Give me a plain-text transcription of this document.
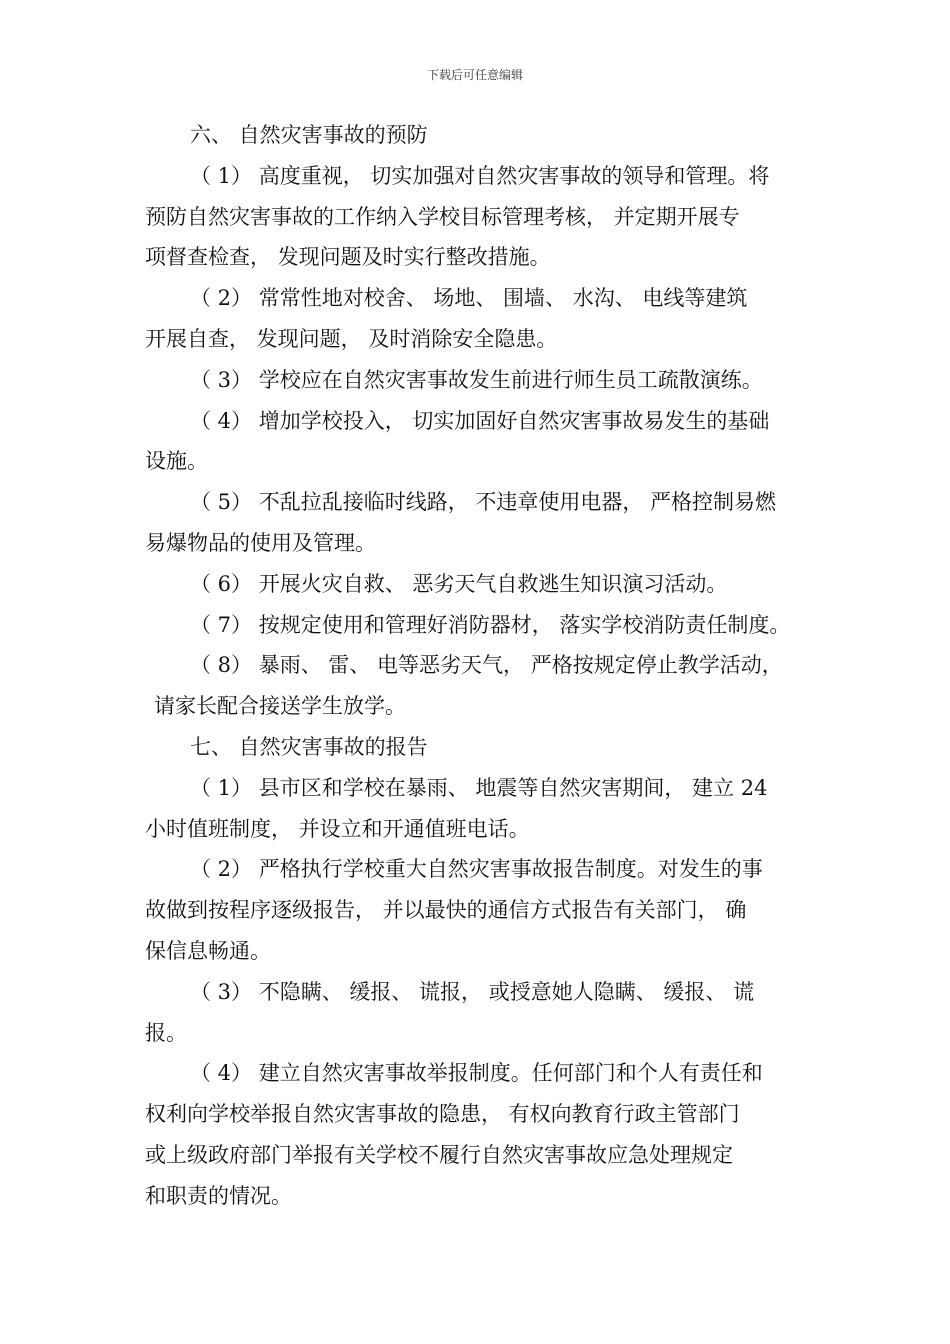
下载后可任意编辑

六、 自然灾害事故的预防

（ 1） 高度重视， 切实加强对自然灾害事故的领导和管理。将

预防自然灾害事故的工作纳入学校目标管理考核， 并定期开展专

项督查检查， 发现问题及时实行整改措施。

（ 2） 常常性地对校舍、 场地、 围墙、 水沟、 电线等建筑

开展自查， 发现问题， 及时消除安全隐患。

（ 3） 学校应在自然灾害事故发生前进行师生员工疏散演练。

（ 4） 增加学校投入， 切实加固好自然灾害事故易发生的基础

设施。

（ 5） 不乱拉乱接临时线路， 不违章使用电器， 严格控制易燃

易爆物品的使用及管理。

（ 6） 开展火灾自救、 恶劣天气自救逃生知识演习活动。

（ 7） 按规定使用和管理好消防器材， 落实学校消防责任制度。

（ 8） 暴雨、 雷、 电等恶劣天气， 严格按规定停止教学活动，

请家长配合接送学生放学。

七、 自然灾害事故的报告

（ 1） 县市区和学校在暴雨、 地震等自然灾害期间， 建立 24

小时值班制度， 并设立和开通值班电话。

（ 2） 严格执行学校重大自然灾害事故报告制度。对发生的事

故做到按程序逐级报告， 并以最快的通信方式报告有关部门， 确

保信息畅通。

（ 3） 不隐瞒、 缓报、 谎报， 或授意她人隐瞒、 缓报、 谎

报。

（ 4） 建立自然灾害事故举报制度。任何部门和个人有责任和

权利向学校举报自然灾害事故的隐患， 有权向教育行政主管部门

或上级政府部门举报有关学校不履行自然灾害事故应急处理规定

和职责的情况。
